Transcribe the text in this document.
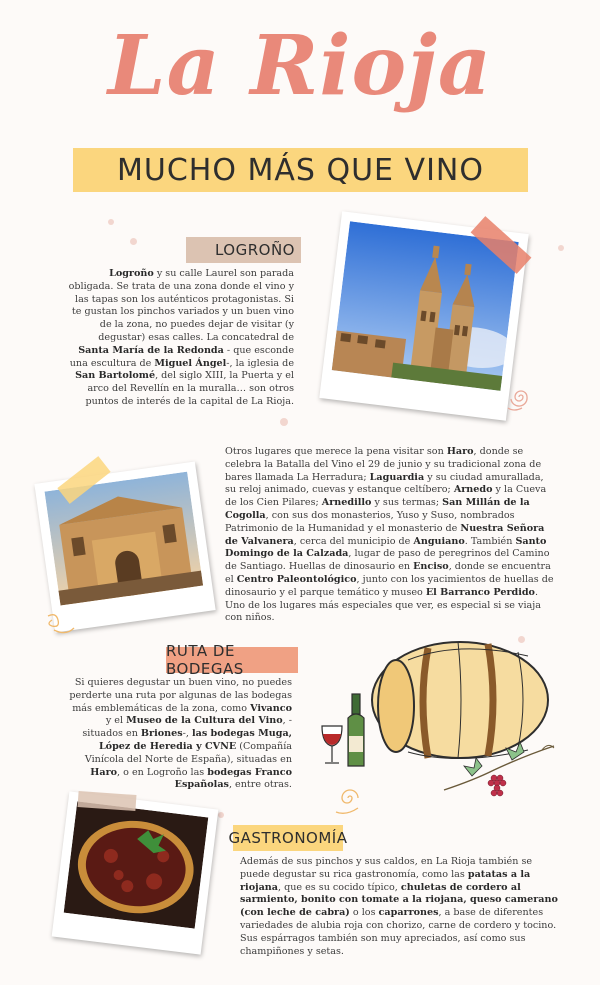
La Rioja
MUCHO MÁS QUE VINO
LOGROÑO
Logroño y su calle Laurel son parada obligada. Se trata de una zona donde el vino y las tapas son los auténticos protagonistas. Si te gustan los pinchos variados y un buen vino de la zona, no puedes dejar de visitar (y degustar) esas calles. La concatedral de Santa María de la Redonda - que esconde una escultura de Miguel Ángel-, la iglesia de San Bartolomé, del siglo XIII, la Puerta y el arco del Revellín en la muralla… son otros puntos de interés de la capital de La Rioja.
Otros lugares que merece la pena visitar son Haro, donde se celebra la Batalla del Vino el 29 de junio y su tradicional zona de bares llamada La Herradura; Laguardia y su ciudad amurallada, su reloj animado, cuevas y estanque celtíbero; Arnedo y la Cueva de los Cien Pilares; Arnedillo y sus termas; San Millán de la Cogolla, con sus dos monasterios, Yuso y Suso, nombrados Patrimonio de la Humanidad y el monasterio de Nuestra Señora de Valvanera, cerca del municipio de Anguiano. También Santo Domingo de la Calzada, lugar de paso de peregrinos del Camino de Santiago. Huellas de dinosaurio en Enciso, donde se encuentra el Centro Paleontológico, junto con los yacimientos de huellas de dinosaurio y el parque temático y museo El Barranco Perdido. Uno de los lugares más especiales que ver, es especial si se viaja con niños.
RUTA DE BODEGAS
Si quieres degustar un buen vino, no puedes perderte una ruta por algunas de las bodegas más emblemáticas de la zona, como Vivanco y el Museo de la Cultura del Vino, -situados en Briones-, las bodegas Muga, López de Heredia y CVNE (Compañía Vinícola del Norte de España), situadas en Haro, o en Logroño las bodegas Franco Españolas, entre otras.
GASTRONOMÍA
Además de sus pinchos y sus caldos, en La Rioja también se puede degustar su rica gastronomía, como las patatas a la riojana, que es su cocido típico, chuletas de cordero al sarmiento, bonito con tomate a la riojana, queso camerano (con leche de cabra) o los caparrones, a base de diferentes variedades de alubia roja con chorizo, carne de cordero y tocino. Sus espárragos también son muy apreciados, así como sus champiñones y setas.
